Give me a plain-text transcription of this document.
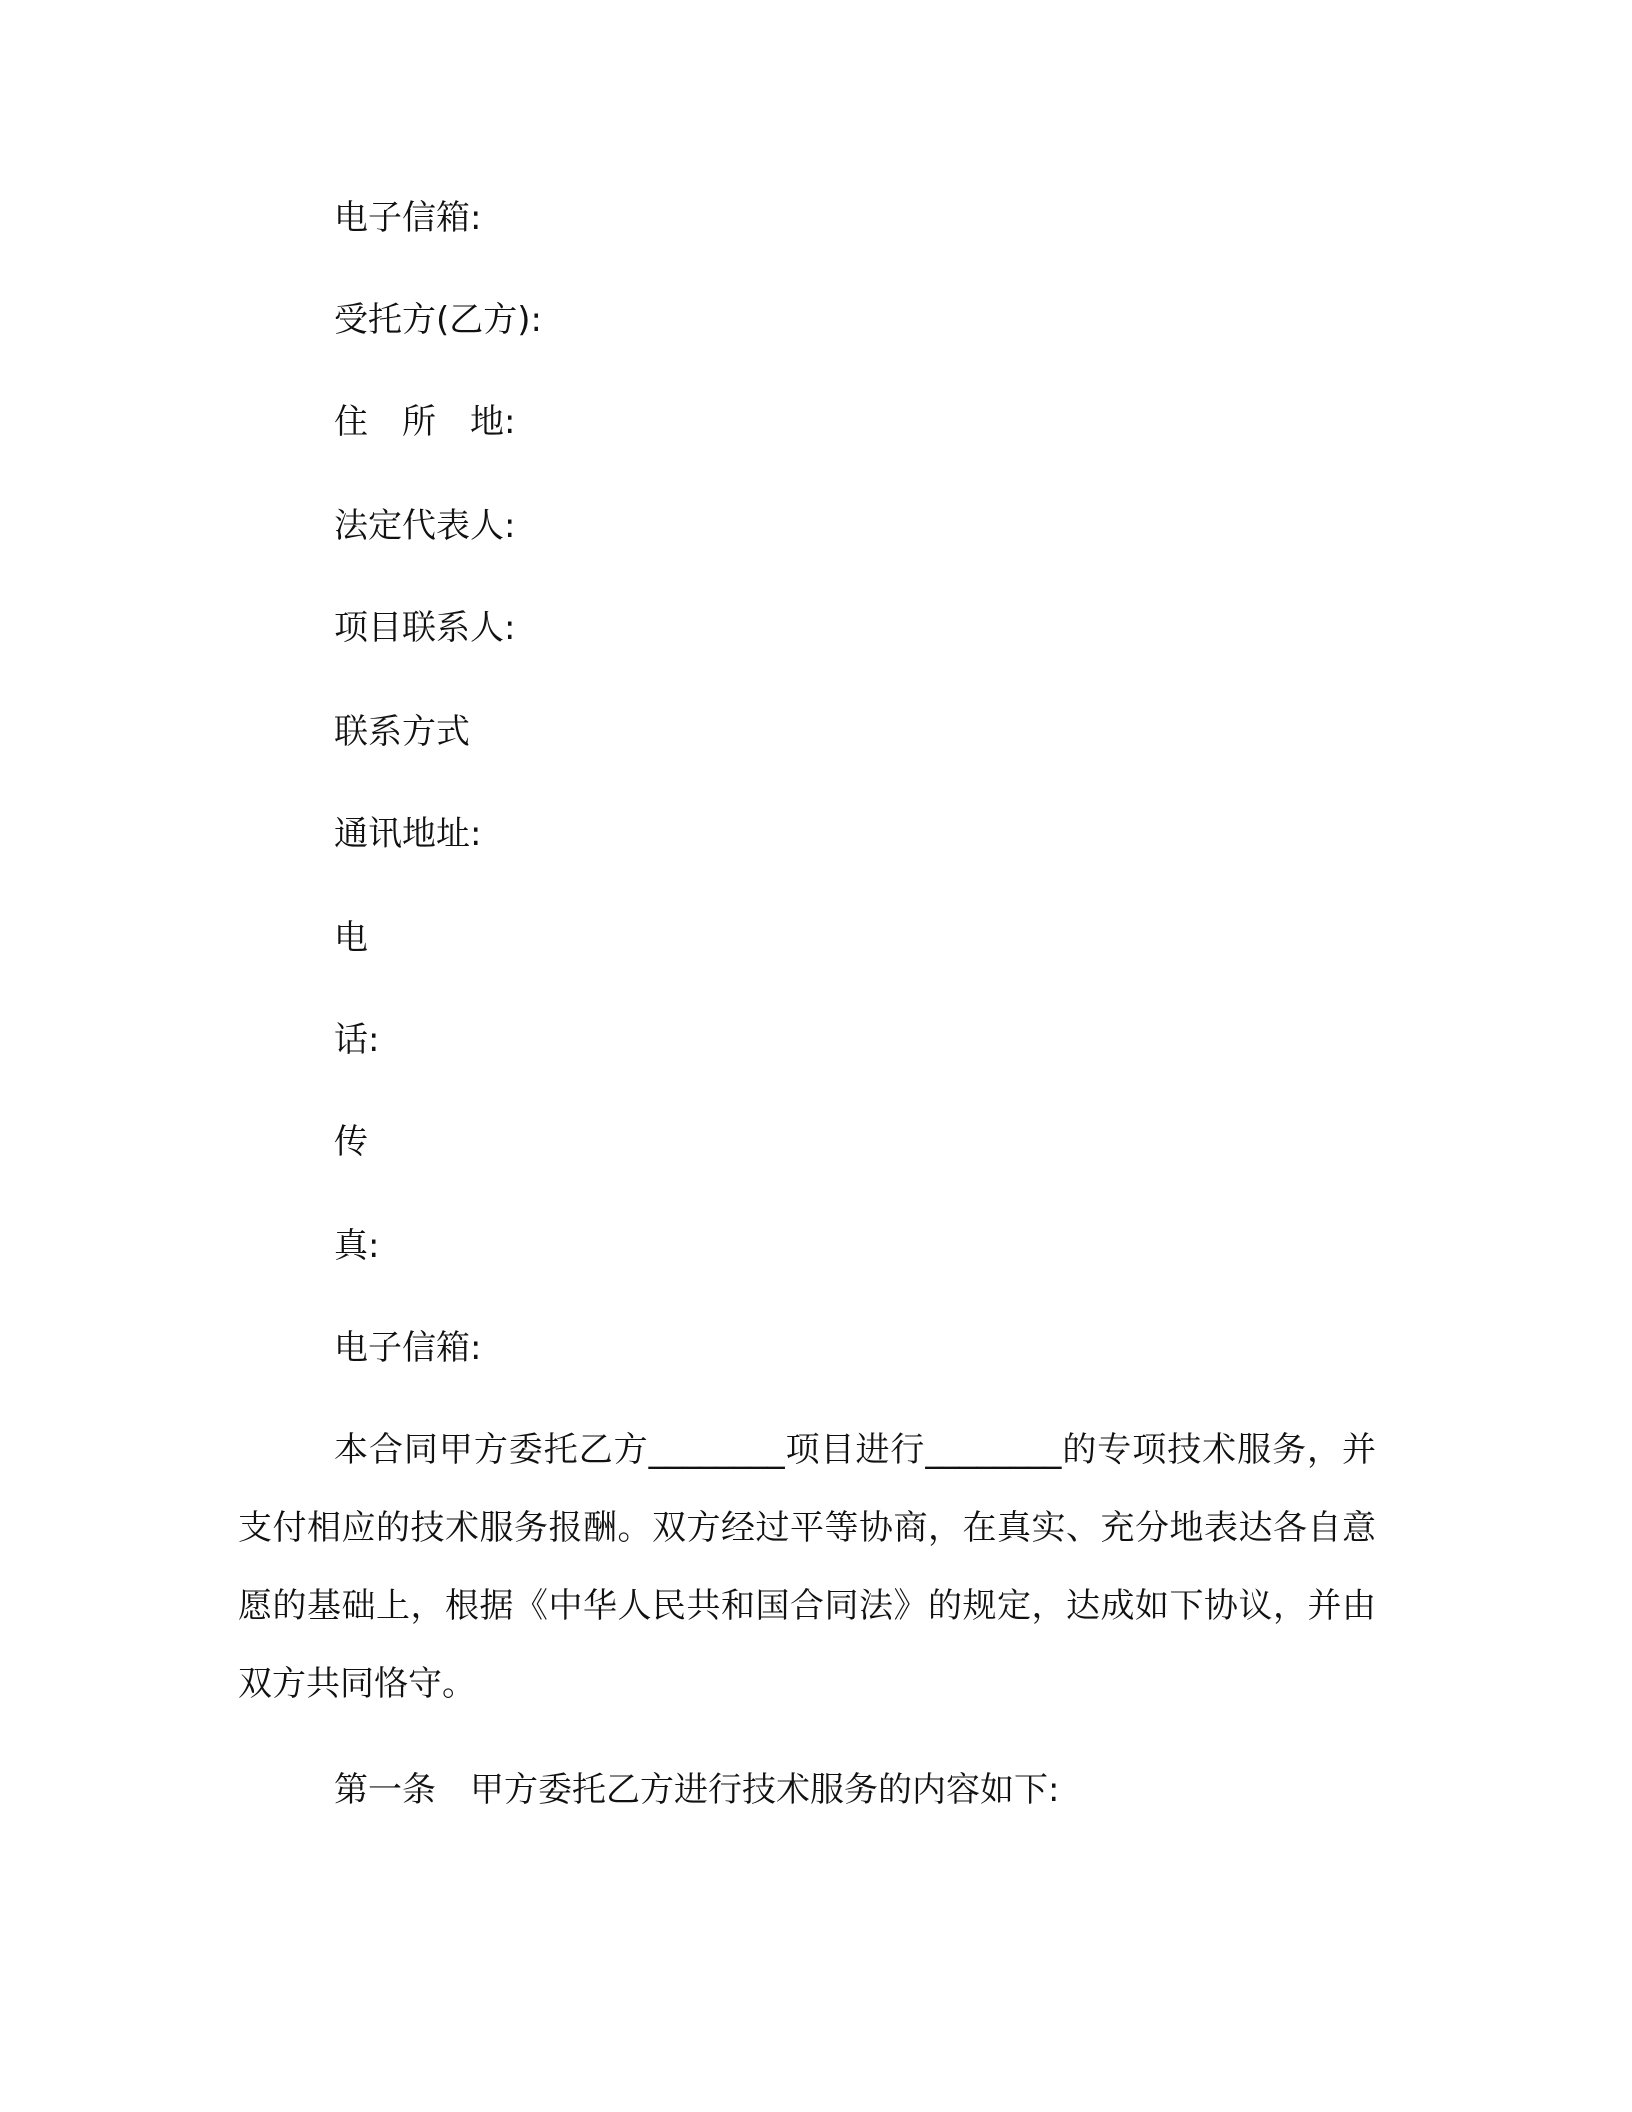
电子信箱:

受托方(乙方):

住　所　地:

法定代表人:

项目联系人:

联系方式

通讯地址:

电

话:

传

真:

电子信箱:

本合同甲方委托乙方________项目进行________的专项技术服务，并支付相应的技术服务报酬。双方经过平等协商，在真实、充分地表达各自意愿的基础上，根据《中华人民共和国合同法》的规定，达成如下协议，并由双方共同恪守。

第一条　甲方委托乙方进行技术服务的内容如下:
